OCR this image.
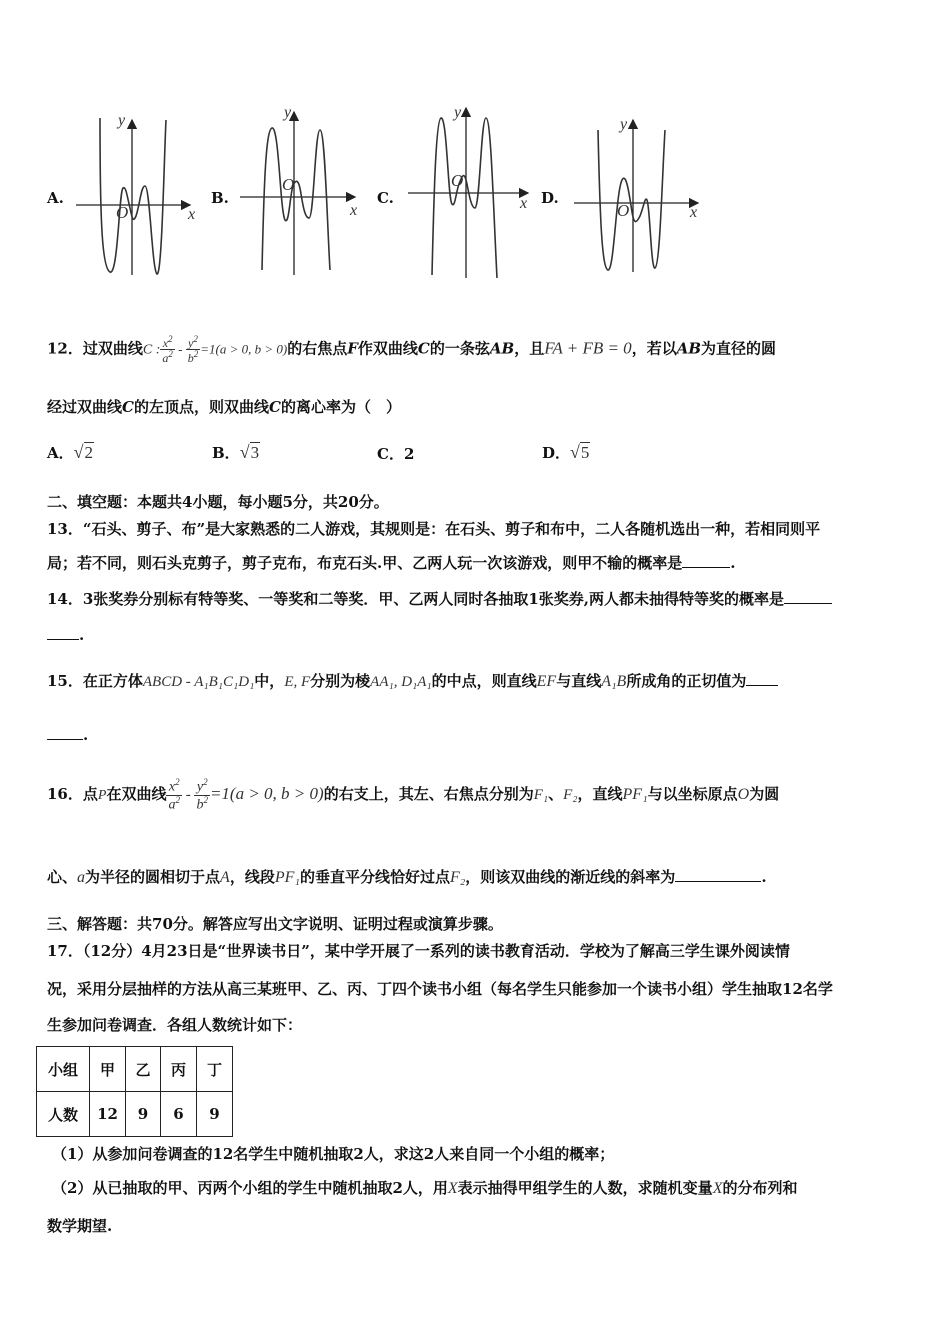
A.	B.	C.	D.
y
O	x
y
O
x
y
O
x
y
O	x
12．过双曲线C : $\frac{x^2}{a^2} - \frac{y^2}{b^2} =1(a > 0$, b > 0)的右焦点F作双曲线C的一条弦AB，且FA + FB = 0，若以AB为直径的圆
经过双曲线C的左顶点，则双曲线C的离心率为（　）
A．√2	B．√3	C．2	D．√5
二、填空题：本题共4小题，每小题5分，共20分。
13．“石头、剪子、布”是大家熟悉的二人游戏，其规则是：在石头、剪子和布中，二人各随机选出一种，若相同则平
局；若不同，则石头克剪子，剪子克布，布克石头.甲、乙两人玩一次该游戏，则甲不输的概率是	.
14．3张奖券分别标有特等奖、一等奖和二等奖．甲、乙两人同时各抽取1张奖券,两人都未抽得特等奖的概率是
.
15．在正方体ABCD - A₁B₁C₁D₁中，E, F分别为棱AA₁, D₁A₁的中点，则直线EF与直线A₁B所成角的正切值为
.
16．点P在双曲线 $\frac{x^2}{a^2} - \frac{y^2}{b^2} =1(a > 0$, b > 0)的右支上，其左、右焦点分别为F₁、F₂，直线PF₁与以坐标原点O为圆
心、a为半径的圆相切于点A，线段PF₁的垂直平分线恰好过点F₂，则该双曲线的渐近线的斜率为	.
三、解答题：共70分。解答应写出文字说明、证明过程或演算步骤。
17．（12分）4月23日是“世界读书日”，某中学开展了一系列的读书教育活动．学校为了解高三学生课外阅读情
况，采用分层抽样的方法从高三某班甲、乙、丙、丁四个读书小组（每名学生只能参加一个读书小组）学生抽取12名学
生参加问卷调查．各组人数统计如下：
小组	甲	乙	丙	丁
人数	12	9	6	9
（1）从参加问卷调查的12名学生中随机抽取2人，求这2人来自同一个小组的概率；
（2）从已抽取的甲、丙两个小组的学生中随机抽取2人，用X表示抽得甲组学生的人数，求随机变量X的分布列和
数学期望.
